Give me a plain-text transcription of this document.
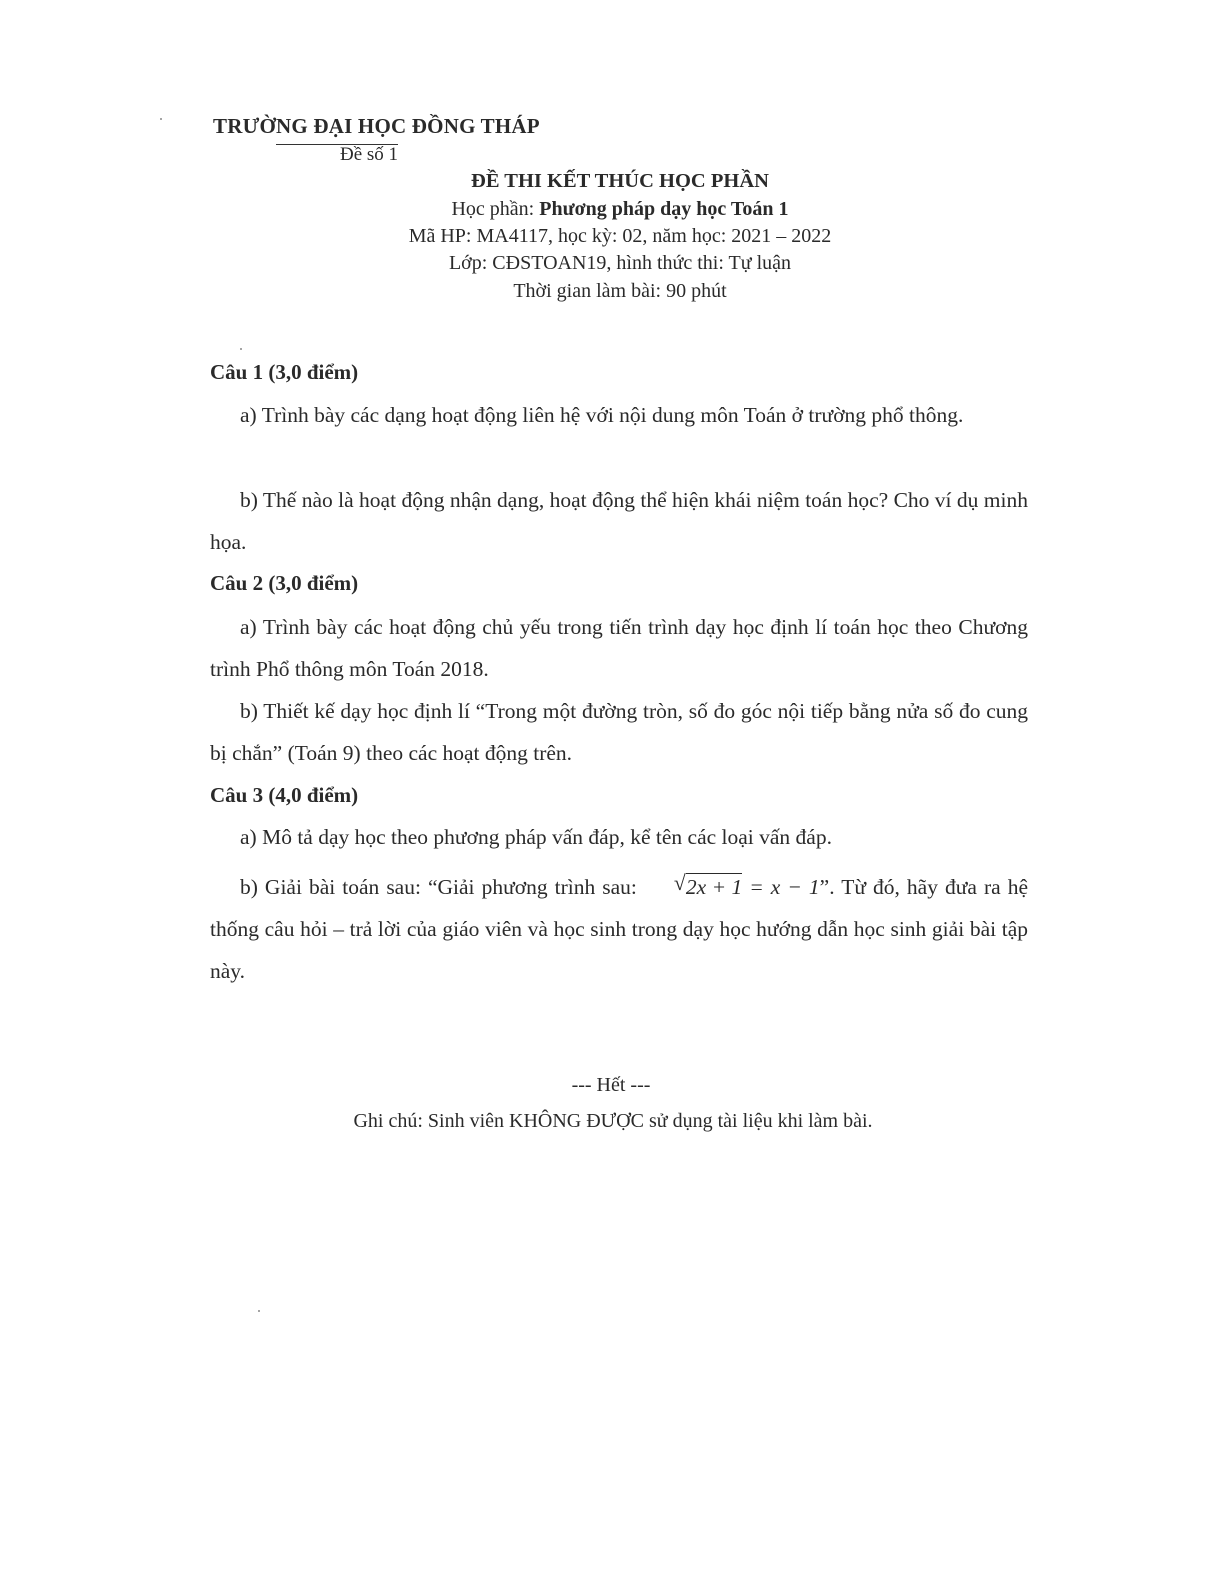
TRƯỜNG ĐẠI HỌC ĐỒNG THÁP
Đề số 1
ĐỀ THI KẾT THÚC HỌC PHẦN
Học phần: Phương pháp dạy học Toán 1
Mã HP: MA4117, học kỳ: 02, năm học: 2021 – 2022
Lớp: CĐSTOAN19, hình thức thi: Tự luận
Thời gian làm bài: 90 phút
Câu 1 (3,0 điểm)
a) Trình bày các dạng hoạt động liên hệ với nội dung môn Toán ở trường phổ thông.
b) Thế nào là hoạt động nhận dạng, hoạt động thể hiện khái niệm toán học? Cho ví dụ minh họa.
Câu 2 (3,0 điểm)
a) Trình bày các hoạt động chủ yếu trong tiến trình dạy học định lí toán học theo Chương trình Phổ thông môn Toán 2018.
b) Thiết kế dạy học định lí “Trong một đường tròn, số đo góc nội tiếp bằng nửa số đo cung bị chắn” (Toán 9) theo các hoạt động trên.
Câu 3 (4,0 điểm)
a) Mô tả dạy học theo phương pháp vấn đáp, kể tên các loại vấn đáp.
b) Giải bài toán sau: “Giải phương trình sau:	√ 2x + 1 = x − 1”. Từ đó, hãy đưa ra hệ thống câu hỏi – trả lời của giáo viên và học sinh trong dạy học hướng dẫn học sinh giải bài tập này.
--- Hết ---
Ghi chú: Sinh viên KHÔNG ĐƯỢC sử dụng tài liệu khi làm bài.
